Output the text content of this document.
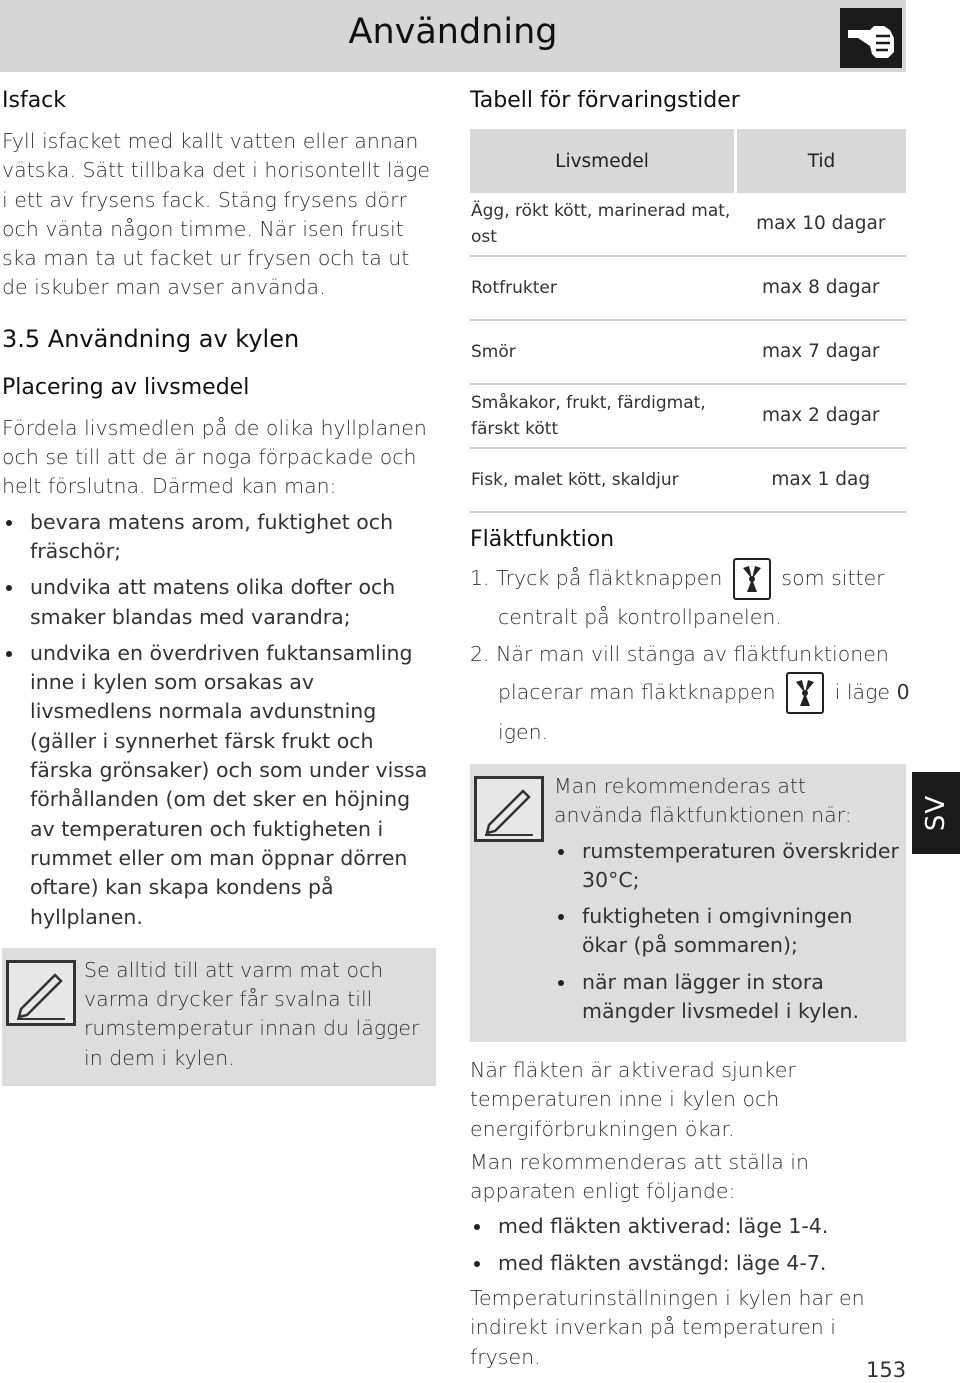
Användning
Isfack

Fyll isfacket med kallt vatten eller annan vätska. Sätt tillbaka det i horisontellt läge i ett av frysens fack. Stäng frysens dörr och vänta någon timme. När isen frusit ska man ta ut facket ur frysen och ta ut de iskuber man avser använda.

3.5 Användning av kylen
Placering av livsmedel

Fördela livsmedlen på de olika hyllplanen och se till att de är noga förpackade och helt förslutna. Därmed kan man:

bevara matens arom, fuktighet och fräschör;
undvika att matens olika dofter och smaker blandas med varandra;
undvika en överdriven fuktansamling inne i kylen som orsakas av livsmedlens normala avdunstning (gäller i synnerhet färsk frukt och färska grönsaker) och som under vissa förhållanden (om det sker en höjning av temperaturen och fuktigheten i rummet eller om man öppnar dörren oftare) kan skapa kondens på hyllplanen.
Se alltid till att varm mat och varma drycker får svalna till rumstemperatur innan du lägger in dem i kylen.
Tabell för förvaringstider
Livsmedel	Tid
Ägg, rökt kött, marinerad mat, ost	max 10 dagar
Rotfrukter	max 8 dagar
Smör	max 7 dagar
Småkakor, frukt, färdigmat, färskt kött	max 2 dagar
Fisk, malet kött, skaldjur	max 1 dag
Fläktfunktion
1. Tryck på fläktknappen	som sitter
centralt på kontrollpanelen.
2. När man vill stänga av fläktfunktionen
placerar man fläktknappen	i läge 0
igen.
Man rekommenderas att använda fläktfunktionen när:
rumstemperaturen överskrider 30°C;
fuktigheten i omgivningen ökar (på sommaren);
när man lägger in stora mängder livsmedel i kylen.

När fläkten är aktiverad sjunker temperaturen inne i kylen och energiförbrukningen ökar.

Man rekommenderas att ställa in apparaten enligt följande:

med fläkten aktiverad: läge 1-4.
med fläkten avstängd: läge 4-7.

Temperaturinställningen i kylen har en indirekt inverkan på temperaturen i frysen.

SV
153
